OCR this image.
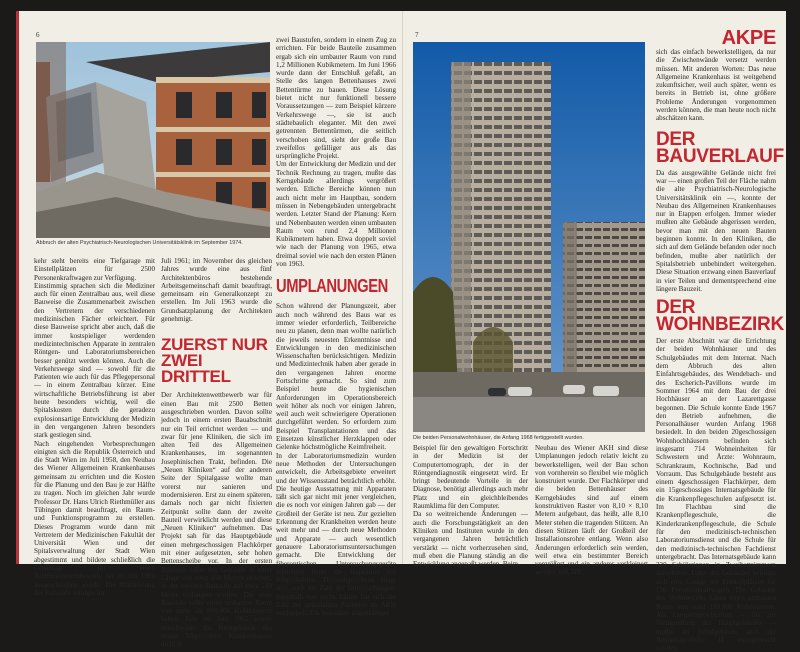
6
Abbruch der alten Psychiatrisch-Neurologischen Universitätsklinik im September 1974.

kehr steht bereits eine Tiefgarage mit Einstellplätzen für 2500 Personenkraftwagen zur Verfügung.

Einstimmig sprachen sich die Mediziner auch für einen Zentralbau aus, weil diese Bauweise die Zusammenarbeit zwischen den Vertretern der verschiedenen medizinischen Fächer erleichtert. Für diese Bauweise spricht aber auch, daß die immer kostspieliger werdenden medizintechnischen Apparate in zentralen Röntgen- und Laboratoriumsbereichen besser genützt werden können. Auch die Verkehrswege sind — sowohl für die Patienten wie auch für das Pflegepersonal — in einem Zentralbau kürzer. Eine wirtschaftliche Betriebsführung ist aber heute besonders wichtig, weil die Spitalskosten durch die geradezu explosionsartige Entwicklung der Medizin in den vergangenen Jahren besonders stark gestiegen sind.

Nach eingehenden Vorbesprechungen einigten sich die Republik Österreich und die Stadt Wien im Juli 1958, den Neubau des Wiener Allgemeinen Krankenhauses gemeinsam zu errichten und die Kosten für die Planung und den Bau je zur Hälfte zu tragen. Noch im gleichen Jahr wurde Professor Dr. Hans Ulrich Riethmüller aus Tübingen damit beauftragt, ein Raum- und Funktionsprogramm zu erstellen. Dieses Programm wurde dann mit Vertretern der Medizinischen Fakultät der Universität Wien und der Spitalsverwaltung der Stadt Wien abgestimmt und bildete schließlich die Grundlage für einen Architektenwettbewerb, der im Juli 1960 ausgeschrieben wurde. Die Prämiierung der Entwürfe erfolgte im

Juli 1961; im November des gleichen Jahres wurde eine aus fünf Architektenbüros bestehende Arbeitsgemeinschaft damit beauftragt, gemeinsam ein Generalkonzept zu erstellen. Im Juli 1963 wurde die Grundsatzplanung der Architekten genehmigt.

ZUERST NUR
ZWEI DRITTEL

Der Architektenwettbewerb war für einen Bau mit 2500 Betten ausgeschrieben worden. Davon sollte jedoch in einem ersten Bauabschnitt nur ein Teil errichtet werden — und zwar für jene Kliniken, die sich im alten Teil des Allgemeinen Krankenhauses, im sogenannten Josephinischen Trakt, befinden. Die „Neuen Kliniken“ auf der anderen Seite der Spitalgasse wollte man vorerst nur sanieren und modernisieren. Erst zu einem späteren, damals noch gar nicht fixierten Zeitpunkt sollte dann der zweite Bauteil verwirklicht werden und diese „Neuen Kliniken“ aufnehmen. Das Projekt sah für das Hauptgebäude einen mehrgeschossigen Flachkörper mit einer aufgesetzten, sehr hohen Bettenscheibe vor. In der ersten Baustufe sollte das Gebäude in einer Länge von etwa 160 Metern errichtet, in der zweiten Baustufe auf etwa 240 Meter verlängert werden. Die erste Baustufe sollte einen umbauten Raum von mehr als 800.000 Kubikmetern haben. Erst im Juni 1965 wurde entschieden, das Kerngebäude des neuen Allgemeinen Krankenhauses nicht in

zwei Baustufen, sondern in einem Zug zu errichten. Für beide Bauteile zusammen ergab sich ein umbauter Raum von rund 1,2 Millionen Kubikmetern. Im Juni 1966 wurde dann der Entschluß gefaßt, an Stelle des langen Bettenhauses zwei Bettentürme zu bauen. Diese Lösung bietet nicht nur funktionell bessere Voraussetzungen — zum Beispiel kürzere Verkehrswege —, sie ist auch städtebaulich eleganter. Mit den zwei getrennten Bettentürmen, die seitlich verschoben sind, sieht der große Bau zweifellos gefälliger aus als das ursprüngliche Projekt.

Um der Entwicklung der Medizin und der Technik Rechnung zu tragen, mußte das Kerngebäude allerdings vergrößert werden. Etliche Bereiche können nun auch nicht mehr im Hauptbau, sondern müssen in Nebengebäuden untergebracht werden. Letzter Stand der Planung: Kern und Nebenbauten werden einen umbauten Raum von rund 2,4 Millionen Kubikmetern haben. Etwa doppelt soviel wie nach der Planung von 1965, etwa dreimal soviel wie nach den ersten Plänen von 1963.

UMPLANUNGEN

Schon während der Planungszeit, aber auch noch während des Baus war es immer wieder erforderlich, Teilbereiche neu zu planen, denn man wollte natürlich die jeweils neuesten Erkenntnisse und Entwicklungen in den medizinischen Wissenschaften berücksichtigen. Medizin und Medizintechnik haben aber gerade in den vergangenen Jahren enorme Fortschritte gemacht. So sind zum Beispiel heute die hygienischen Anforderungen im Operationsbereich weit höher als noch vor einigen Jahren, weil auch weit schwierigere Operationen durchgeführt werden. So erfordern zum Beispiel Transplantationen und das Einsetzen künstlicher Herzklappen oder Gelenke höchstmögliche Keimfreiheit.

In der Laboratoriumsmedizin wurden neue Methoden der Untersuchungen entwickelt, die Arbeitsgebiete erweitert und der Wissensstand beträchtlich erhöht. Die heutige Ausstattung mit Apparaten läßt sich gar nicht mit jener vergleichen, die es noch vor einigen Jahren gab — der Großteil der Geräte ist neu. Zur gezielten Erkennung der Krankheiten werden heute weit mehr und — durch neue Methoden und Apparate — auch wesentlich genauere Laboratoriumsuntersuchungen gemacht. Die Entwicklung der fiberoptischen Untersuchungsgeräte erleichtert heute die Inspektion der Körperhöhlen. Dementsprechend steigt aber auch die Zahl der Untersuchungen. Innerhalb von sechs Jahren hat sich die Zahl der ambulanten Patienten im AKH verdoppelt. Ein besonders augenfälliges

7
Die beiden Personalwohnhäuser, die Anfang 1968 fertiggestellt wurden.

Beispiel für den gewaltigen Fortschritt in der Medizin ist der Computertomograph, der in der Röntgendiagnostik eingesetzt wird. Er bringt bedeutende Vorteile in der Diagnose, benötigt allerdings auch mehr Platz und ein gleichbleibendes Raumklima für den Computer.

Da so weitreichende Änderungen — auch die Forschungstätigkeit an den Kliniken und Instituten wurde in den vergangenen Jahren beträchtlich verstärkt — nicht vorherzusehen sind, muß eben die Planung ständig an die Entwicklung angepaßt werden. Beim

Neubau des Wiener AKH sind diese Umplanungen jedoch relativ leicht zu bewerkstelligen, weil der Bau schon von vornherein so flexibel wie möglich konstruiert wurde. Der Flachkörper und die beiden Bettenhäuser des Kerngebäudes sind auf einem konstruktiven Raster von 8,10 × 8,10 Metern aufgebaut, das heißt, alle 8,10 Meter stehen die tragenden Stützen. An diesen Stützen läuft der Großteil der Installationsrohre entlang. Wenn also Änderungen erforderlich sein werden, weil etwa ein bestimmter Bereich vergrößert und ein anderer verkleinert werden soll, läßt

AKPE

sich das einfach bewerkstelligen, da nur die Zwischenwände versetzt werden müssen. Mit anderen Worten: Das neue Allgemeine Krankenhaus ist weitgehend zukunftsicher, weil auch später, wenn es bereits in Betrieb ist, ohne größere Probleme Änderungen vorgenommen werden können, die man heute noch nicht abschätzen kann.

DER
BAUVERLAUF

Da das ausgewählte Gelände nicht frei war — einen großen Teil der Fläche nahm die alte Psychiatrisch-Neurologische Universitätsklinik ein —, konnte der Neubau des Allgemeinen Krankenhauses nur in Etappen erfolgen. Immer wieder mußten alte Gebäude abgerissen werden, bevor man mit den neuen Bauten beginnen konnte. In den Kliniken, die sich auf dem Gelände befanden oder noch befinden, mußte aber natürlich der Spitalsbetrieb unbehindert weitergehen. Diese Situation erzwang einen Bauverlauf in vier Teilen und dementsprechend eine längere Bauzeit.

DER
WOHNBEZIRK

Der erste Abschnitt war die Errichtung der beiden Wohnhäuser und des Schulgebäudes mit dem Internat. Nach dem Abbruch des alten Einfahrtsgebäudes, des Wendebach- und des Escherich-Pavillons wurde im Sommer 1964 mit dem Bau der drei Hochhäuser an der Lazarettgasse begonnen. Die Schule konnte Ende 1967 den Betrieb aufnehmen, die Personalhäuser wurden Anfang 1968 besiedelt. In den beiden 20geschossigen Wohnhochhäusern befinden sich insgesamt 714 Wohneinheiten für Schwestern und Ärzte: Wohnraum, Schrankraum, Kochnische, Bad und Vorraum. Das Schulgebäude besteht aus einem 4geschossigen Flachkörper, dem ein 15geschossiges Internatsgebäude für die Krankenpflegeschulen aufgesetzt ist. Im Flachbau sind die Krankenpflegeschule, die Kinderkrankenpflegeschule, die Schule für den medizinisch-technischen Laboratoriumsdienst und die Schule für den medizinisch-technischen Fachdienst untergebracht. Das Internatsgebäude kann 320 Schülerinnen in Zweibettzimmern aufnehmen. Unter den Gebäuden befindet sich eine Garage mit Einstellplätzen für 150 Personenkraftwagen. Die Gebäude des Wohnbezirks haben einen umbauten Raum von rund 180.000 Kubikmetern. Als Langzeitprovisorium — bis zur Fertigstellung des Hauptgebäudes — mußte im Schulgebäude auch die Anstaltsapotheke II untergebracht werden.
